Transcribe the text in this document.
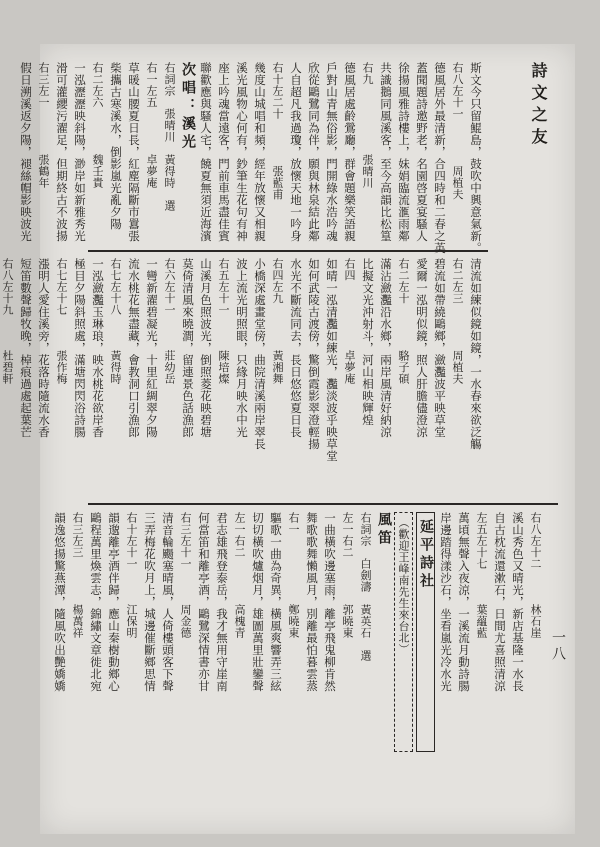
詩文之友
一八
斯文今只留鯤島，鼓吹中興意氣新。
右八左十一　　　　周植夫
德風居外最清新，合四時和二春之英
蓋聞題詩邀野老，名園啓夏宴騷人
徐揚風雅詩樓上，妹娟臨流滙雨鄰
共識鵝同風溪客，至今高韻比松篁
右九　　　　　　張晴川
德風居處齡鶯廳，群會題樂笑語親
戶對山青無俗影，門開綠水浩吟魂
欣從鷗鷺同為伴，願與林泉結此鄰
人自超凡我過瓊，放懷天地一吟身
右十左二十　　　　張藍甫
幾度山城唱和頻，經年放懷又相親
溪光風物心何有，鈔筆生花句有神
座上吟魂當遠客，門前車馬盡佳賓
聯歡應與騷人宅，饒夏無須近海濱
次唱：溪光
右詞宗　張晴川　黃得時　選
右一左五　　　　卓夢庵
草暖山腰夏日長，紅塵隔斷市囂張
柴攜古寒溪水，倒影嵐光亂夕陽
右二左六　　　　魏壬貴
一泓瀝瀝映斜陽，渺岸如新雅秀光
滑可灌纓污濯足，但期終古不波揚
右三左一　　　　張鶴年
假日溯溪返夕陽，褪絲帽影映波光
清流如練似鏡如鏡，一水春來欲泛觴
右二左三　　　　周植夫
碧流如帶繞鷗鄉，瀲灩波平映草堂
愛爾一泓明似鏡，照人肝膽儘澄涼
右二左十　　　　駱子碩
滿沾瀲灩沿水鄉，兩岸風清好納涼
比擬文光沖射斗，河山相映輝煌
右四　　　　　　卓夢庵
如晴一泓清灩如練光，灩淡波乎映草堂
如何武陵古渡傍，驚倒霞影翠澄輕揚
水光不斷流同去，長日悠悠夏日長
右四左九　　　　黃湘舞
小橋深處畫堂傍，曲院清溪兩岸翠長
波上流光明照眼，只緣月映水中光
右五左十一　　　陳培燦
山溪月色照波光，倒照菱花映碧塘
莫倚清風來曉澗，留連景色話漁郎
右六左十一　　　莊幼岳
一彎新濯碧凝光，十里紅綢翠夕陽
流水桃花無盡藏，會教洞口引漁郎
右七左十八　　　黃得時
一泓瀲灩玉琳琅，映水桃花欲岸香
極目夕陽斜照處，滿塘閃閃浴詩腸
右七左十七　　　張作梅
漲明人愛住溪旁，花落時隨流水香
短笛數聲歸牧晚，棹痕過處起葉芒
右八左十九　　　杜碧軒
右八左十二　　　林石崖
溪山秀色又晴光，新店基隆一水長
自古枕流還漱石，日間尤喜照清涼
左五左十七　　　葉蘊藍
萬頃無聲入夜涼，一溪流月動詩腸
岸邊踏得漾沙石，坐看嵐光冷水光
延平詩社
（歡迎王峰南先生來台北）
風笛
右詞宗　白劍濤　黃英石　選
左一右二　　　　郭曉東
一曲橫吹邊塞雨，離亭飛鬼柳肯然
舞歌歌舞懶風月，別離最怕暮雲蒸
右一　　　　　　鄭曉東
驅歌一曲為奇異，橫風爽響弄三絃
切切橫吹爐烟月，雄圖萬里壯鑾聲
左一右二　　　　高槐青
君志雄飛登泰岳，我才無用守崖南
何當笛和離亭酒，鷗鷺深情書亦甘
右三左十一　　　周金德
清音輪颺塞晴風，人倚樓頭客下聲
三弄梅花吹月上，城邊催斷鄉思情
右十左十一　　　江保明
韻邈離亭酒伴歸，應山秦樹動鄉心
鷗程萬里煥雲志，錦繡文章徙北宛
右三左三　　　　楊萬祥
韻逸悠揚驚燕潭，隨風吹出艷嬌嬌
